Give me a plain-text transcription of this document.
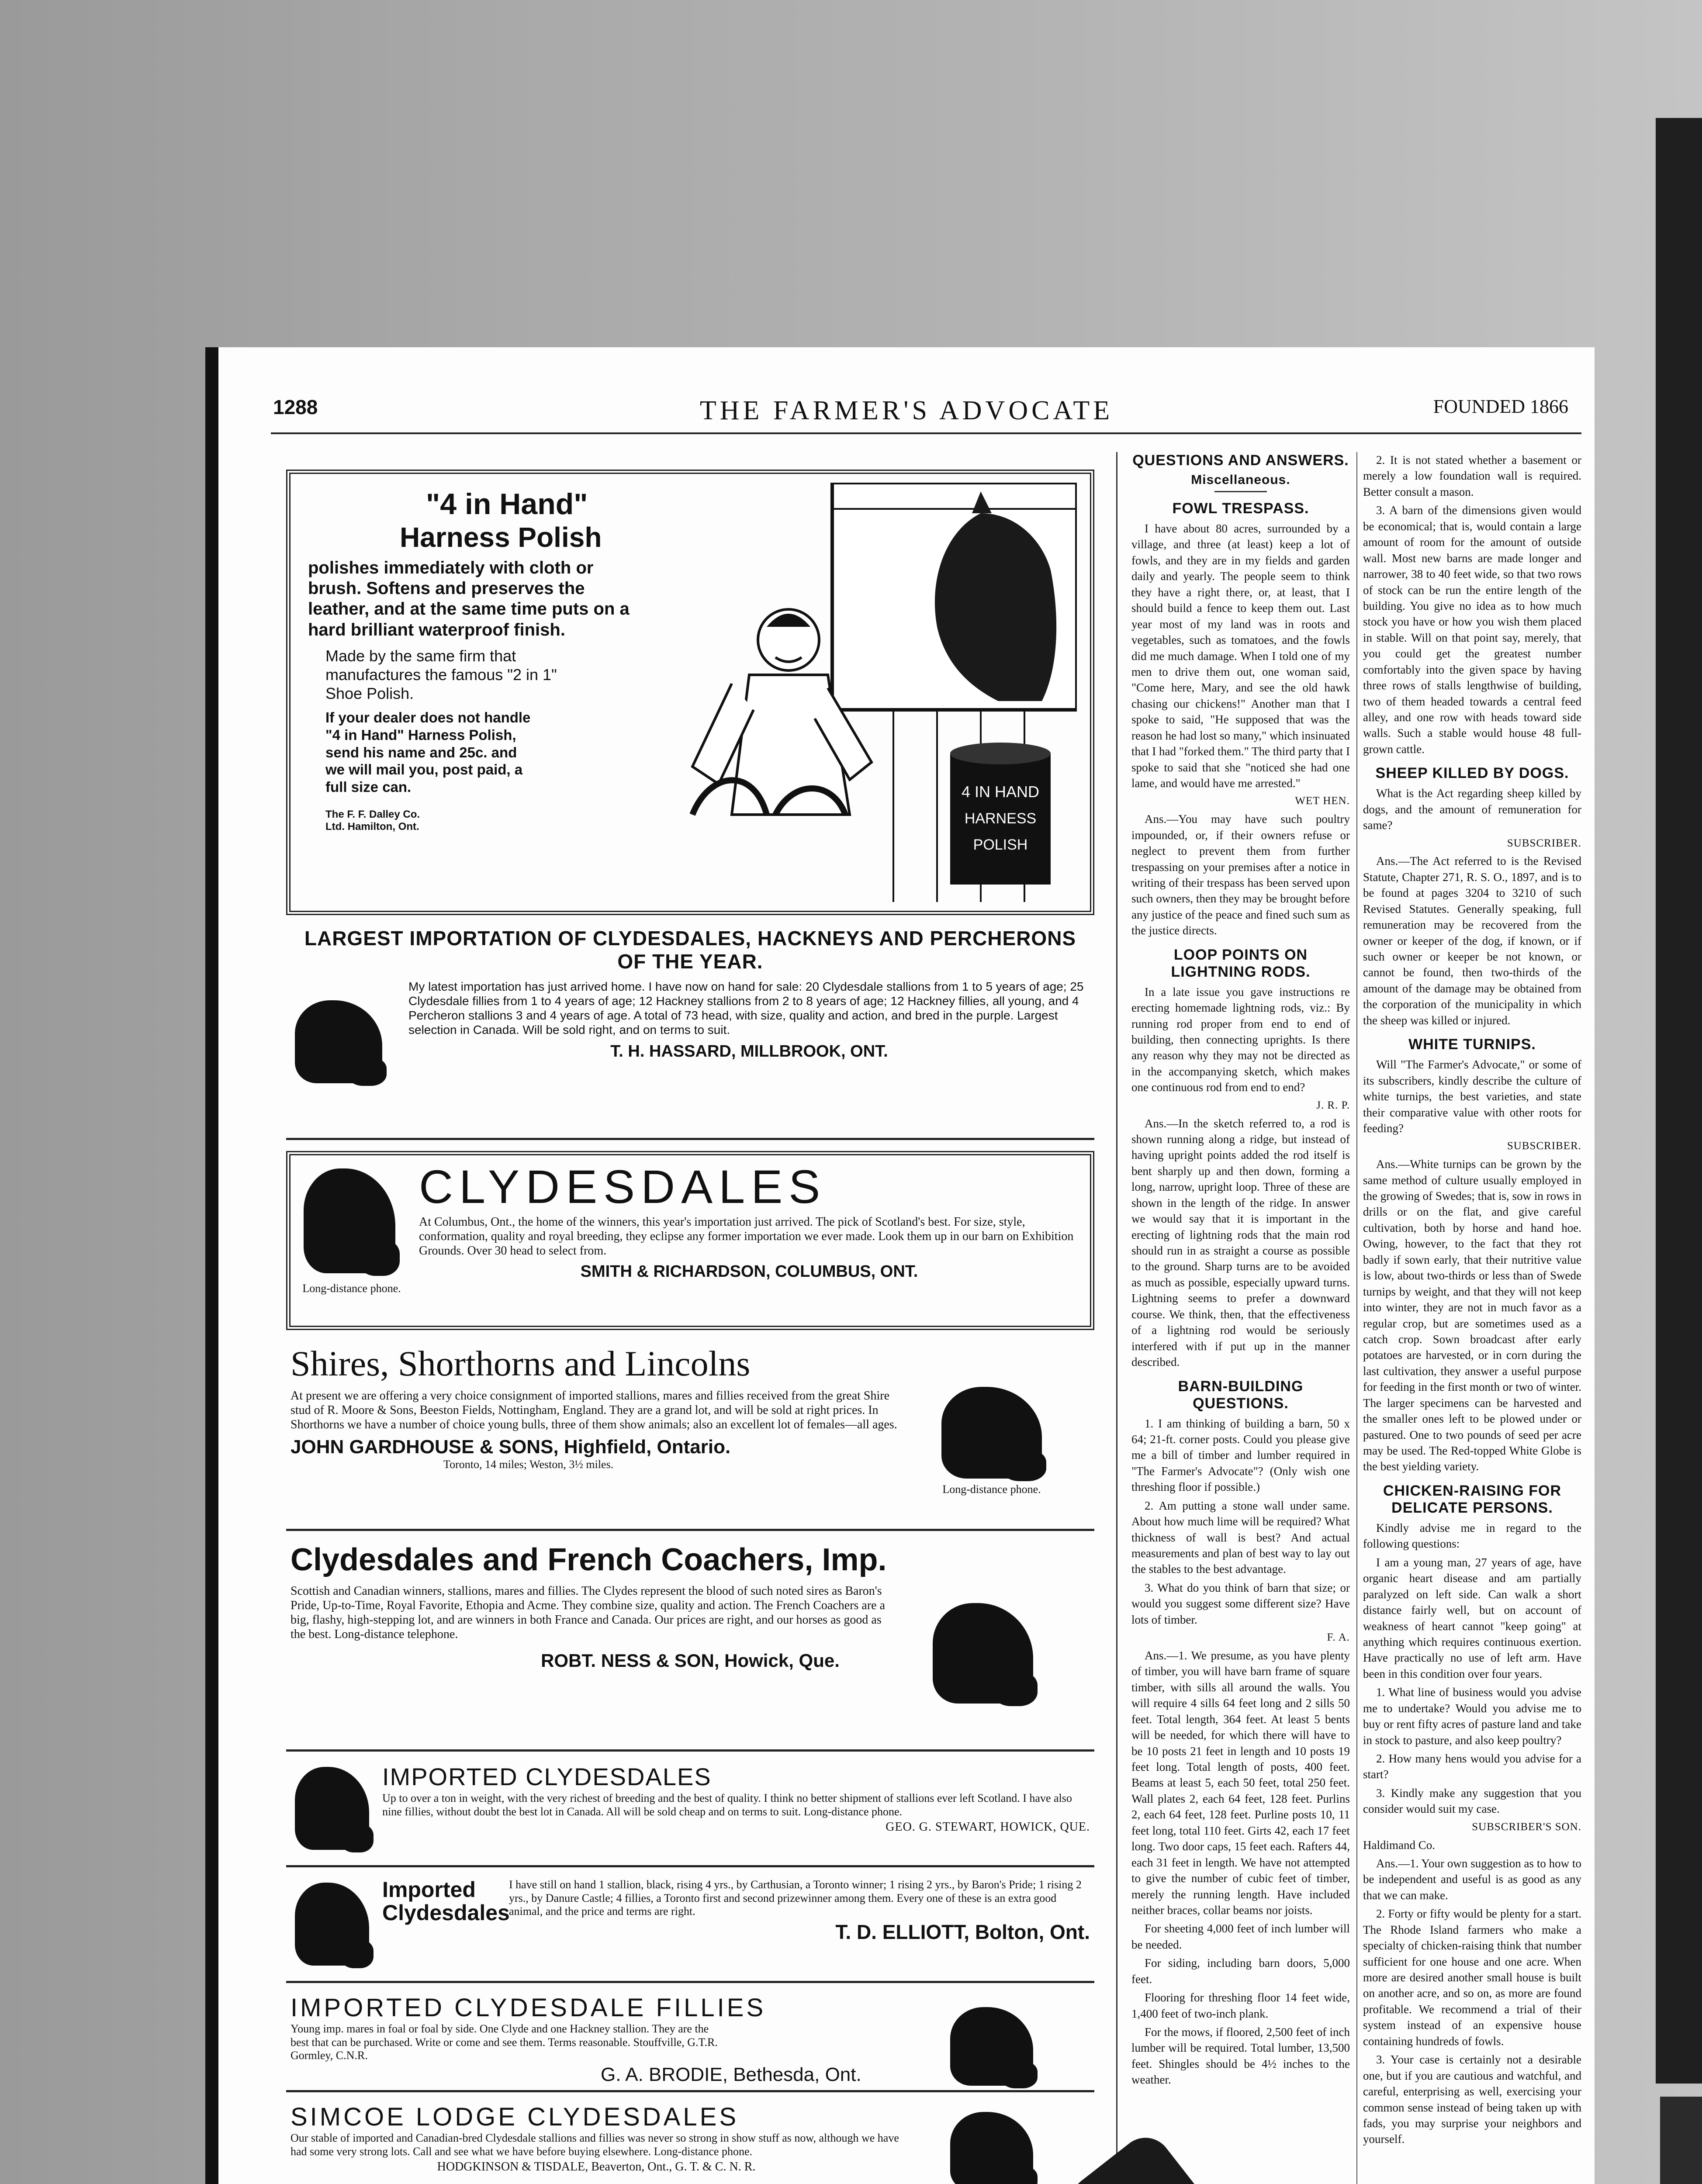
1288	THE FARMER'S ADVOCATE	FOUNDED 1866
"4 in Hand"
Harness Polish
polishes immediately with cloth or brush. Softens and preserves the leather, and at the same time puts on a hard brilliant waterproof finish.
Made by the same firm that manufactures the famous "2 in 1" Shoe Polish.
If your dealer does not handle "4 in Hand" Harness Polish, send his name and 25c. and we will mail you, post paid, a full size can.
The F. F. Dalley Co. Ltd. Hamilton, Ont.
4 IN HAND
HARNESS
POLISH
LARGEST IMPORTATION OF CLYDESDALES, HACKNEYS AND PERCHERONS OF THE YEAR.
My latest importation has just arrived home. I have now on hand for sale: 20 Clydesdale stallions from 1 to 5 years of age; 25 Clydesdale fillies from 1 to 4 years of age; 12 Hackney stallions from 2 to 8 years of age; 12 Hackney fillies, all young, and 4 Percheron stallions 3 and 4 years of age. A total of 73 head, with size, quality and action, and bred in the purple. Largest selection in Canada. Will be sold right, and on terms to suit.
T. H. HASSARD, MILLBROOK, ONT.
Long-distance phone.
CLYDESDALES
At Columbus, Ont., the home of the winners, this year's importation just arrived. The pick of Scotland's best. For size, style, conformation, quality and royal breeding, they eclipse any former importation we ever made. Look them up in our barn on Exhibition Grounds. Over 30 head to select from.
SMITH & RICHARDSON, COLUMBUS, ONT.
Shires, Shorthorns and Lincolns
At present we are offering a very choice consignment of imported stallions, mares and fillies received from the great Shire stud of R. Moore & Sons, Beeston Fields, Nottingham, England. They are a grand lot, and will be sold at right prices. In Shorthorns we have a number of choice young bulls, three of them show animals; also an excellent lot of females—all ages.
JOHN GARDHOUSE & SONS, Highfield, Ontario.
Toronto, 14 miles; Weston, 3½ miles.
Long-distance phone.
Clydesdales and French Coachers, Imp.
Scottish and Canadian winners, stallions, mares and fillies. The Clydes represent the blood of such noted sires as Baron's Pride, Up-to-Time, Royal Favorite, Ethopia and Acme. They combine size, quality and action. The French Coachers are a big, flashy, high-stepping lot, and are winners in both France and Canada. Our prices are right, and our horses as good as the best. Long-distance telephone.
ROBT. NESS & SON, Howick, Que.
IMPORTED CLYDESDALES
Up to over a ton in weight, with the very richest of breeding and the best of quality. I think no better shipment of stallions ever left Scotland. I have also nine fillies, without doubt the best lot in Canada. All will be sold cheap and on terms to suit. Long-distance phone.
GEO. G. STEWART, HOWICK, QUE.
Imported Clydesdales
I have still on hand 1 stallion, black, rising 4 yrs., by Carthusian, a Toronto winner; 1 rising 2 yrs., by Baron's Pride; 1 rising 2 yrs., by Danure Castle; 4 fillies, a Toronto first and second prizewinner among them. Every one of these is an extra good animal, and the price and terms are right.
T. D. ELLIOTT, Bolton, Ont.
IMPORTED CLYDESDALE FILLIES
Young imp. mares in foal or foal by side. One Clyde and one Hackney stallion. They are the best that can be purchased. Write or come and see them. Terms reasonable. Stouffville, G.T.R. Gormley, C.N.R.
G. A. BRODIE, Bethesda, Ont.
SIMCOE LODGE CLYDESDALES
Our stable of imported and Canadian-bred Clydesdale stallions and fillies was never so strong in show stuff as now, although we have had some very strong lots. Call and see what we have before buying elsewhere. Long-distance phone.
HODGKINSON & TISDALE, Beaverton, Ont., G. T. & C. N. R.
QUESTIONS AND ANSWERS.
Miscellaneous.
FOWL TRESPASS.

I have about 80 acres, surrounded by a village, and three (at least) keep a lot of fowls, and they are in my fields and garden daily and yearly. The people seem to think they have a right there, or, at least, that I should build a fence to keep them out. Last year most of my land was in roots and vegetables, such as tomatoes, and the fowls did me much damage. When I told one of my men to drive them out, one woman said, "Come here, Mary, and see the old hawk chasing our chickens!" Another man that I spoke to said, "He supposed that was the reason he had lost so many," which insinuated that I had "forked them." The third party that I spoke to said that she "noticed she had one lame, and would have me arrested."

WET HEN.

Ans.—You may have such poultry impounded, or, if their owners refuse or neglect to prevent them from further trespassing on your premises after a notice in writing of their trespass has been served upon such owners, then they may be brought before any justice of the peace and fined such sum as the justice directs.

LOOP POINTS ON LIGHTNING RODS.

In a late issue you gave instructions re erecting homemade lightning rods, viz.: By running rod proper from end to end of building, then connecting uprights. Is there any reason why they may not be directed as in the accompanying sketch, which makes one continuous rod from end to end?

J. R. P.

Ans.—In the sketch referred to, a rod is shown running along a ridge, but instead of having upright points added the rod itself is bent sharply up and then down, forming a long, narrow, upright loop. Three of these are shown in the length of the ridge. In answer we would say that it is important in the erecting of lightning rods that the main rod should run in as straight a course as possible to the ground. Sharp turns are to be avoided as much as possible, especially upward turns. Lightning seems to prefer a downward course. We think, then, that the effectiveness of a lightning rod would be seriously interfered with if put up in the manner described.

BARN-BUILDING QUESTIONS.

1. I am thinking of building a barn, 50 x 64; 21-ft. corner posts. Could you please give me a bill of timber and lumber required in "The Farmer's Advocate"? (Only wish one threshing floor if possible.)

2. Am putting a stone wall under same. About how much lime will be required? What thickness of wall is best? And actual measurements and plan of best way to lay out the stables to the best advantage.

3. What do you think of barn that size; or would you suggest some different size? Have lots of timber.

F. A.

Ans.—1. We presume, as you have plenty of timber, you will have barn frame of square timber, with sills all around the walls. You will require 4 sills 64 feet long and 2 sills 50 feet. Total length, 364 feet. At least 5 bents will be needed, for which there will have to be 10 posts 21 feet in length and 10 posts 19 feet long. Total length of posts, 400 feet. Beams at least 5, each 50 feet, total 250 feet. Wall plates 2, each 64 feet, 128 feet. Purlins 2, each 64 feet, 128 feet. Purline posts 10, 11 feet long, total 110 feet. Girts 42, each 17 feet long. Two door caps, 15 feet each. Rafters 44, each 31 feet in length. We have not attempted to give the number of cubic feet of timber, merely the running length. Have included neither braces, collar beams nor joists.

For sheeting 4,000 feet of inch lumber will be needed.

For siding, including barn doors, 5,000 feet.

Flooring for threshing floor 14 feet wide, 1,400 feet of two-inch plank.

For the mows, if floored, 2,500 feet of inch lumber will be required. Total lumber, 13,500 feet. Shingles should be 4½ inches to the weather.

2. It is not stated whether a basement or merely a low foundation wall is required. Better consult a mason.

3. A barn of the dimensions given would be economical; that is, would contain a large amount of room for the amount of outside wall. Most new barns are made longer and narrower, 38 to 40 feet wide, so that two rows of stock can be run the entire length of the building. You give no idea as to how much stock you have or how you wish them placed in stable. Will on that point say, merely, that you could get the greatest number comfortably into the given space by having three rows of stalls lengthwise of building, two of them headed towards a central feed alley, and one row with heads toward side walls. Such a stable would house 48 full-grown cattle.

SHEEP KILLED BY DOGS.

What is the Act regarding sheep killed by dogs, and the amount of remuneration for same?

SUBSCRIBER.

Ans.—The Act referred to is the Revised Statute, Chapter 271, R. S. O., 1897, and is to be found at pages 3204 to 3210 of such Revised Statutes. Generally speaking, full remuneration may be recovered from the owner or keeper of the dog, if known, or if such owner or keeper be not known, or cannot be found, then two-thirds of the amount of the damage may be obtained from the corporation of the municipality in which the sheep was killed or injured.

WHITE TURNIPS.

Will "The Farmer's Advocate," or some of its subscribers, kindly describe the culture of white turnips, the best varieties, and state their comparative value with other roots for feeding?

SUBSCRIBER.

Ans.—White turnips can be grown by the same method of culture usually employed in the growing of Swedes; that is, sow in rows in drills or on the flat, and give careful cultivation, both by horse and hand hoe. Owing, however, to the fact that they rot badly if sown early, that their nutritive value is low, about two-thirds or less than of Swede turnips by weight, and that they will not keep into winter, they are not in much favor as a regular crop, but are sometimes used as a catch crop. Sown broadcast after early potatoes are harvested, or in corn during the last cultivation, they answer a useful purpose for feeding in the first month or two of winter. The larger specimens can be harvested and the smaller ones left to be plowed under or pastured. One to two pounds of seed per acre may be used. The Red-topped White Globe is the best yielding variety.

CHICKEN-RAISING FOR DELICATE PERSONS.

Kindly advise me in regard to the following questions:

I am a young man, 27 years of age, have organic heart disease and am partially paralyzed on left side. Can walk a short distance fairly well, but on account of weakness of heart cannot "keep going" at anything which requires continuous exertion. Have practically no use of left arm. Have been in this condition over four years.

1. What line of business would you advise me to undertake? Would you advise me to buy or rent fifty acres of pasture land and take in stock to pasture, and also keep poultry?

2. How many hens would you advise for a start?

3. Kindly make any suggestion that you consider would suit my case.

SUBSCRIBER'S SON.

Haldimand Co.

Ans.—1. Your own suggestion as to how to be independent and useful is as good as any that we can make.

2. Forty or fifty would be plenty for a start. The Rhode Island farmers who make a specialty of chicken-raising think that number sufficient for one house and one acre. When more are desired another small house is built on another acre, and so on, as more are found profitable. We recommend a trial of their system instead of an expensive house containing hundreds of fowls.

3. Your case is certainly not a desirable one, but if you are cautious and watchful, and careful, enterprising as well, exercising your common sense instead of being taken up with fads, you may surprise your neighbors and yourself.
